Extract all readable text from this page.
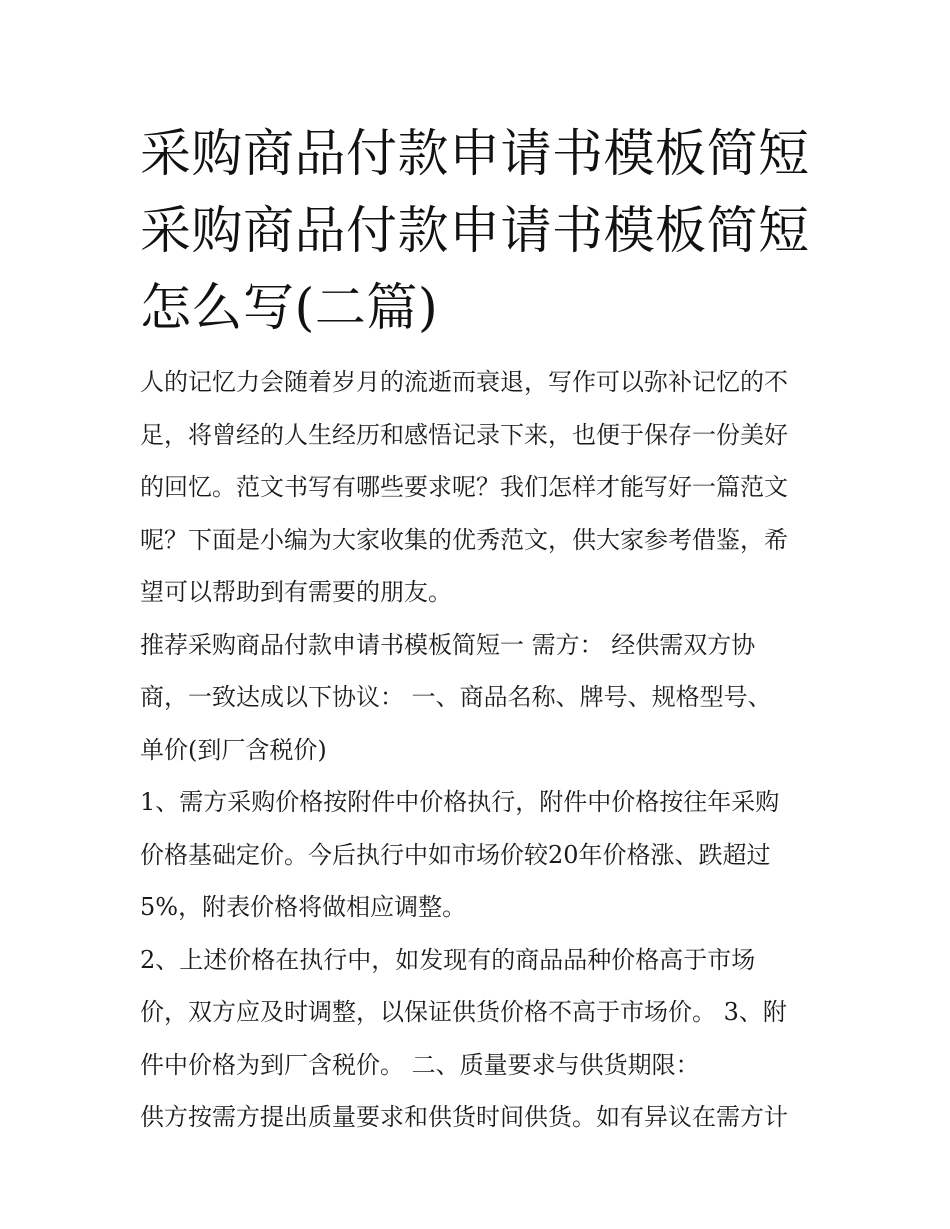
采购商品付款申请书模板简短
采购商品付款申请书模板简短
怎么写(二篇)
人的记忆力会随着岁月的流逝而衰退，写作可以弥补记忆的不
足，将曾经的人生经历和感悟记录下来，也便于保存一份美好
的回忆。范文书写有哪些要求呢？我们怎样才能写好一篇范文
呢？下面是小编为大家收集的优秀范文，供大家参考借鉴，希
望可以帮助到有需要的朋友。
推荐采购商品付款申请书模板简短一 需方： 经供需双方协
商，一致达成以下协议： 一、商品名称、牌号、规格型号、
单价(到厂含税价)
1、需方采购价格按附件中价格执行，附件中价格按往年采购
价格基础定价。今后执行中如市场价较20年价格涨、跌超过
5%，附表价格将做相应调整。
2、上述价格在执行中，如发现有的商品品种价格高于市场
价，双方应及时调整，以保证供货价格不高于市场价。 3、附
件中价格为到厂含税价。 二、质量要求与供货期限：
供方按需方提出质量要求和供货时间供货。如有异议在需方计
